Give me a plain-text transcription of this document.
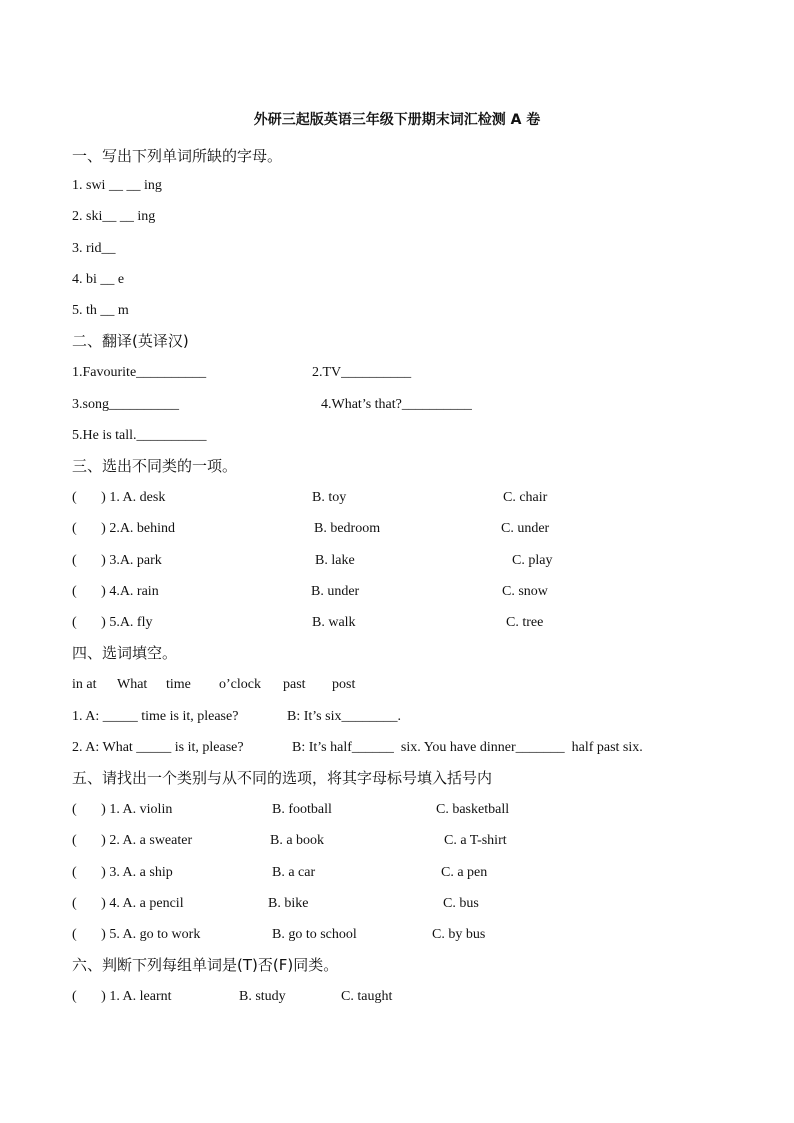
外研三起版英语三年级下册期末词汇检测 A 卷
一、写出下列单词所缺的字母。
1. swi __ __ ing
2. ski__ __ ing
3. rid__
4. bi __ e
5. th __ m
二、翻译(英译汉)
1.Favourite__________	2.TV__________
3.song__________	4.What’s that?__________
5.He is tall.__________
三、选出不同类的一项。
(       ) 1. A. desk	B. toy	C. chair
(       ) 2.A. behind	B. bedroom	C. under
(       ) 3.A. park	B. lake	C. play
(       ) 4.A. rain	B. under	C. snow
(       ) 5.A. fly	B. walk	C. tree
四、选词填空。
in at What time o’clock past post
1. A: _____ time is it, please?	B: It’s six________.
2. A: What _____ is it, please?	B: It’s half______  six. You have dinner_______  half past six.
五、请找出一个类别与从不同的选项，将其字母标号填入括号内
(       ) 1. A. violin	B. football	C. basketball
(       ) 2. A. a sweater	B. a book	C. a T-shirt
(       ) 3. A. a ship	B. a car	C. a pen
(       ) 4. A. a pencil	B. bike	C. bus
(       ) 5. A. go to work	B. go to school	C. by bus
六、判断下列每组单词是(T)否(F)同类。
(       ) 1. A. learnt	B. study	C. taught
